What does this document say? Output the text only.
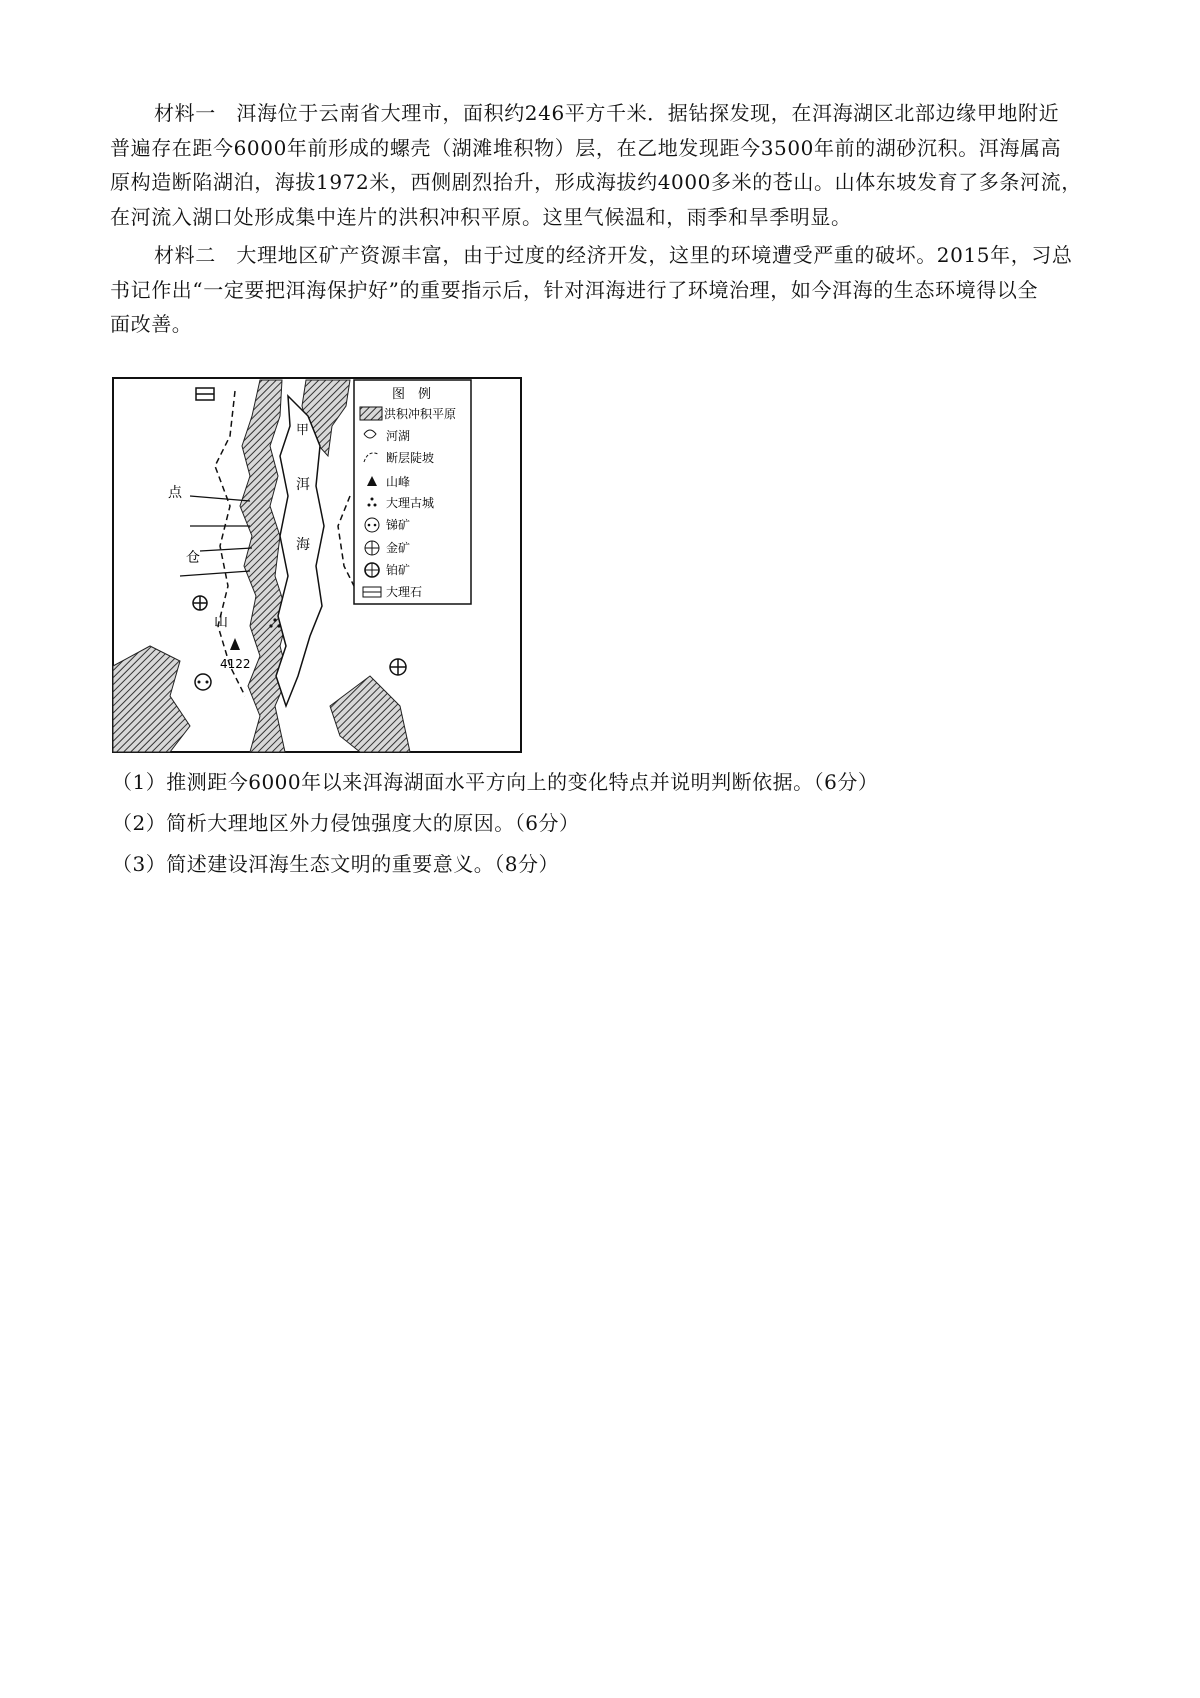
材料一　洱海位于云南省大理市，面积约246平方千米．据钻探发现，在洱海湖区北部边缘甲地附近
普遍存在距今6000年前形成的螺壳（湖滩堆积物）层，在乙地发现距今3500年前的湖砂沉积。洱海属高
原构造断陷湖泊，海拔1972米，西侧剧烈抬升，形成海拔约4000多米的苍山。山体东坡发育了多条河流，
在河流入湖口处形成集中连片的洪积冲积平原。这里气候温和，雨季和旱季明显。
材料二　大理地区矿产资源丰富，由于过度的经济开发，这里的环境遭受严重的破坏。2015年，习总
书记作出“一定要把洱海保护好”的重要指示后，针对洱海进行了环境治理，如今洱海的生态环境得以全
面改善。
甲
洱
海
点
仓
山
4122
图　例
洪积冲积平原
河湖
断层陡坡
山峰
大理古城
锑矿
金矿
铂矿
大理石
（1）推测距今6000年以来洱海湖面水平方向上的变化特点并说明判断依据。（6分）
（2）简析大理地区外力侵蚀强度大的原因。（6分）
（3）简述建设洱海生态文明的重要意义。（8分）
